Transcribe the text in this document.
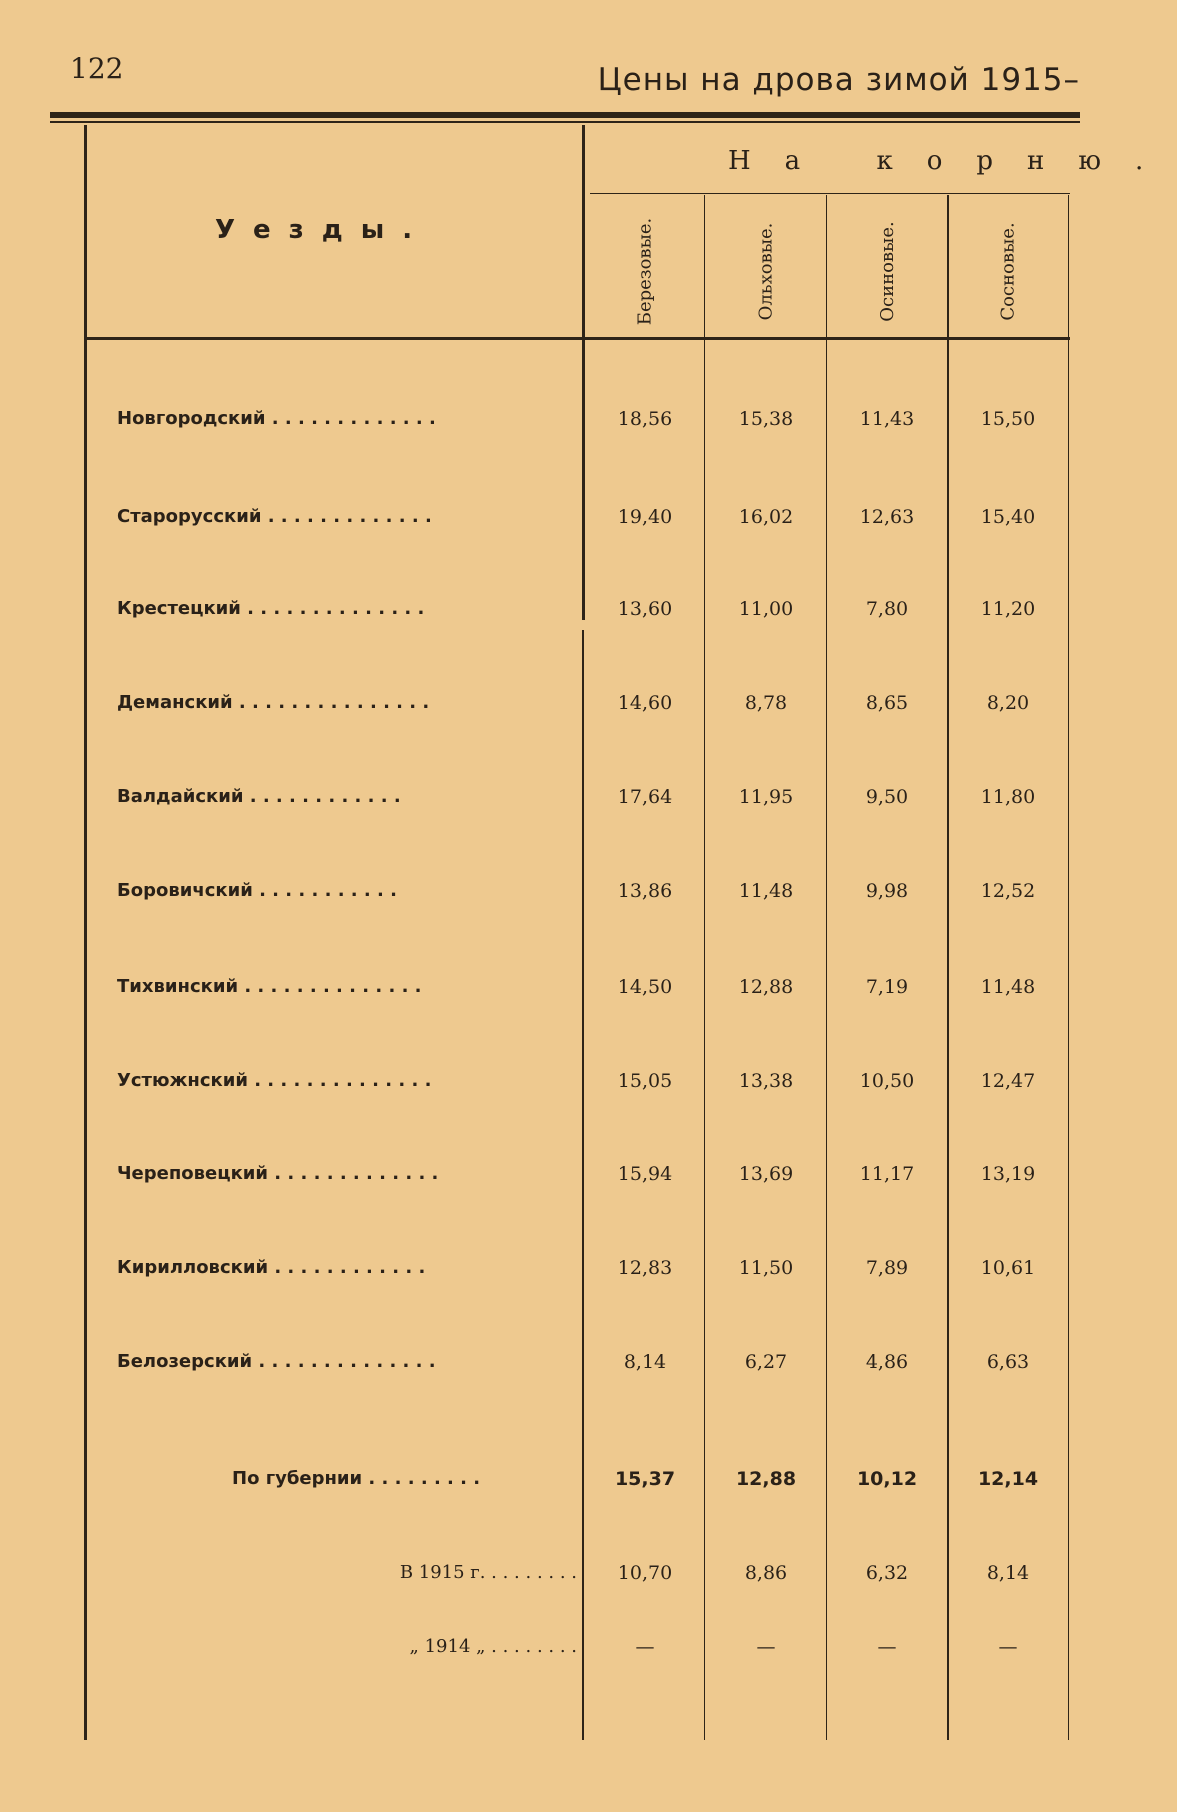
122	Цены на дрова зимой 1915–
Уезды.
На корню.
Березовые.	Ольховые.	Осиновые.	Сосновые.
Новгородский . . . . . . . . . . . . .	18,56	15,38	11,43	15,50
Старорусский . . . . . . . . . . . . .	19,40	16,02	12,63	15,40
Крестецкий . . . . . . . . . . . . . .	13,60	11,00	7,80	11,20
Деманский . . . . . . . . . . . . . . .	14,60	8,78	8,65	8,20
Валдайский . . . . . . . . . . . .	17,64	11,95	9,50	11,80
Боровичский . . . . . . . . . . .	13,86	11,48	9,98	12,52
Тихвинский . . . . . . . . . . . . . .	14,50	12,88	7,19	11,48
Устюжнский . . . . . . . . . . . . . .	15,05	13,38	10,50	12,47
Череповецкий . . . . . . . . . . . . .	15,94	13,69	11,17	13,19
Кирилловский . . . . . . . . . . . .	12,83	11,50	7,89	10,61
Белозерский . . . . . . . . . . . . . .	8,14	6,27	4,86	6,63
По губернии . . . . . . . . .	15,37	12,88	10,12	12,14
В 1915 г. . . . . . . . .	10,70	8,86	6,32	8,14
„ 1914 „ . . . . . . . .	—	—	—	—
